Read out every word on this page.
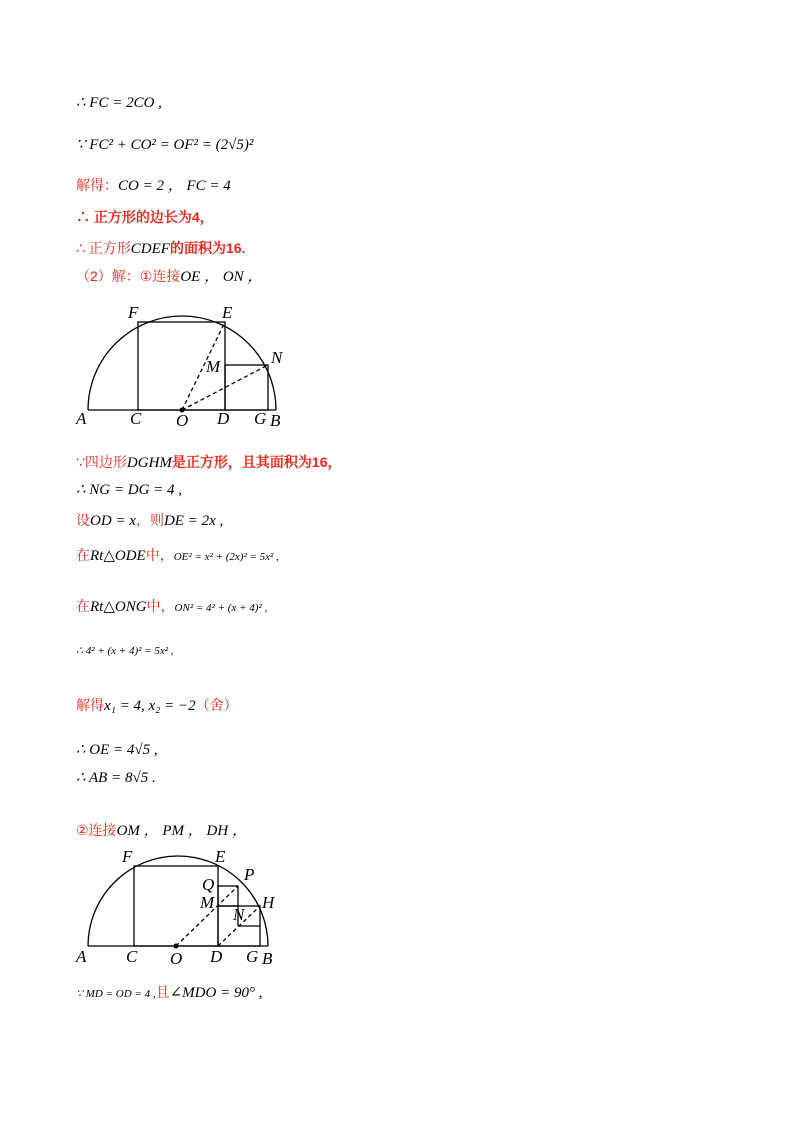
∴ FC = 2CO ,
∵ FC² + CO² = OF² = (2√5)²
解得：CO = 2 ， FC = 4
∴ 正方形的边长为4，
∴ 正方形CDEF的面积为16.
（2）解：①连接OE ， ON ，
F	E
M	N
A	C O D G B
∵四边形DGHM是正方形，且其面积为16，
∴ NG = DG = 4 ,
设OD = x，则DE = 2x ,
在Rt△ODE中，OE² = x² + (2x)² = 5x² ,
在Rt△ONG中，ON² = 4² + (x + 4)² ,
∴ 4² + (x + 4)² = 5x² ,
解得x₁ = 4, x₂ = −2（舍）
∴ OE = 4√5 ,
∴ AB = 8√5 .
②连接OM ， PM ， DH ，
F	E
Q
P
M
N
H
A C O D G B
∵ MD = OD = 4 ,且∠MDO = 90° ,
